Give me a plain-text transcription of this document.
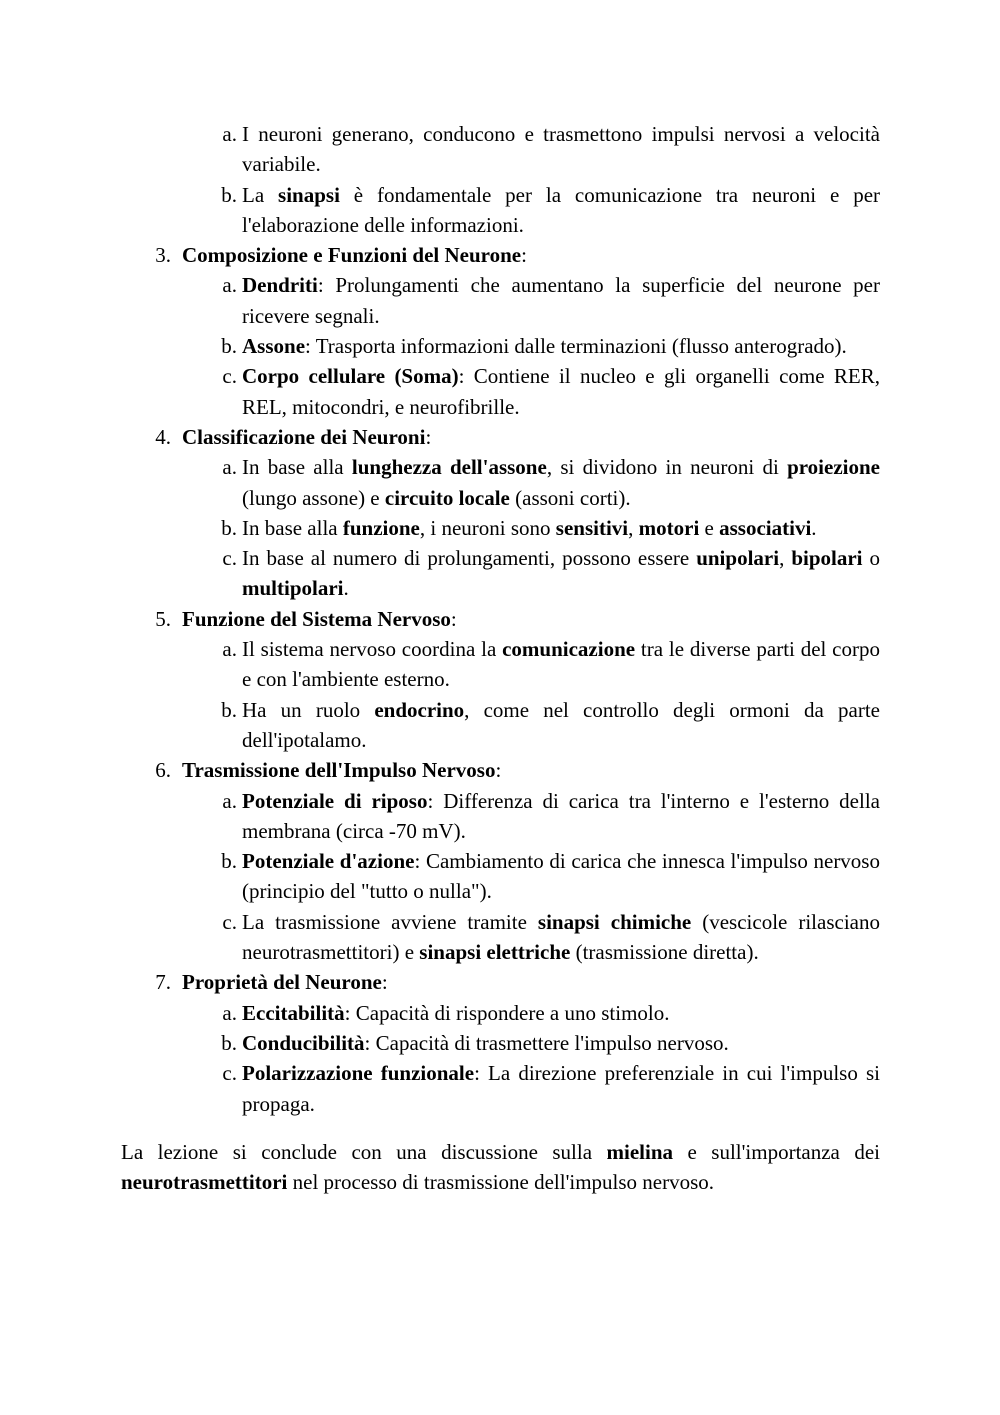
a. I neuroni generano, conducono e trasmettono impulsi nervosi a velocità variabile.
b. La sinapsi è fondamentale per la comunicazione tra neuroni e per l'elaborazione delle informazioni.
3. Composizione e Funzioni del Neurone:
a. Dendriti: Prolungamenti che aumentano la superficie del neurone per ricevere segnali.
b. Assone: Trasporta informazioni dalle terminazioni (flusso anterogrado).
c. Corpo cellulare (Soma): Contiene il nucleo e gli organelli come RER, REL, mitocondri, e neurofibrille.
4. Classificazione dei Neuroni:
a. In base alla lunghezza dell'assone, si dividono in neuroni di proiezione (lungo assone) e circuito locale (assoni corti).
b. In base alla funzione, i neuroni sono sensitivi, motori e associativi.
c. In base al numero di prolungamenti, possono essere unipolari, bipolari o multipolari.
5. Funzione del Sistema Nervoso:
a. Il sistema nervoso coordina la comunicazione tra le diverse parti del corpo e con l'ambiente esterno.
b. Ha un ruolo endocrino, come nel controllo degli ormoni da parte dell'ipotalamo.
6. Trasmissione dell'Impulso Nervoso:
a. Potenziale di riposo: Differenza di carica tra l'interno e l'esterno della membrana (circa -70 mV).
b. Potenziale d'azione: Cambiamento di carica che innesca l'impulso nervoso (principio del "tutto o nulla").
c. La trasmissione avviene tramite sinapsi chimiche (vescicole rilasciano neurotrasmettitori) e sinapsi elettriche (trasmissione diretta).
7. Proprietà del Neurone:
a. Eccitabilità: Capacità di rispondere a uno stimolo.
b. Conducibilità: Capacità di trasmettere l'impulso nervoso.
c. Polarizzazione funzionale: La direzione preferenziale in cui l'impulso si propaga.

La lezione si conclude con una discussione sulla mielina e sull'importanza dei neurotrasmettitori nel processo di trasmissione dell'impulso nervoso.
